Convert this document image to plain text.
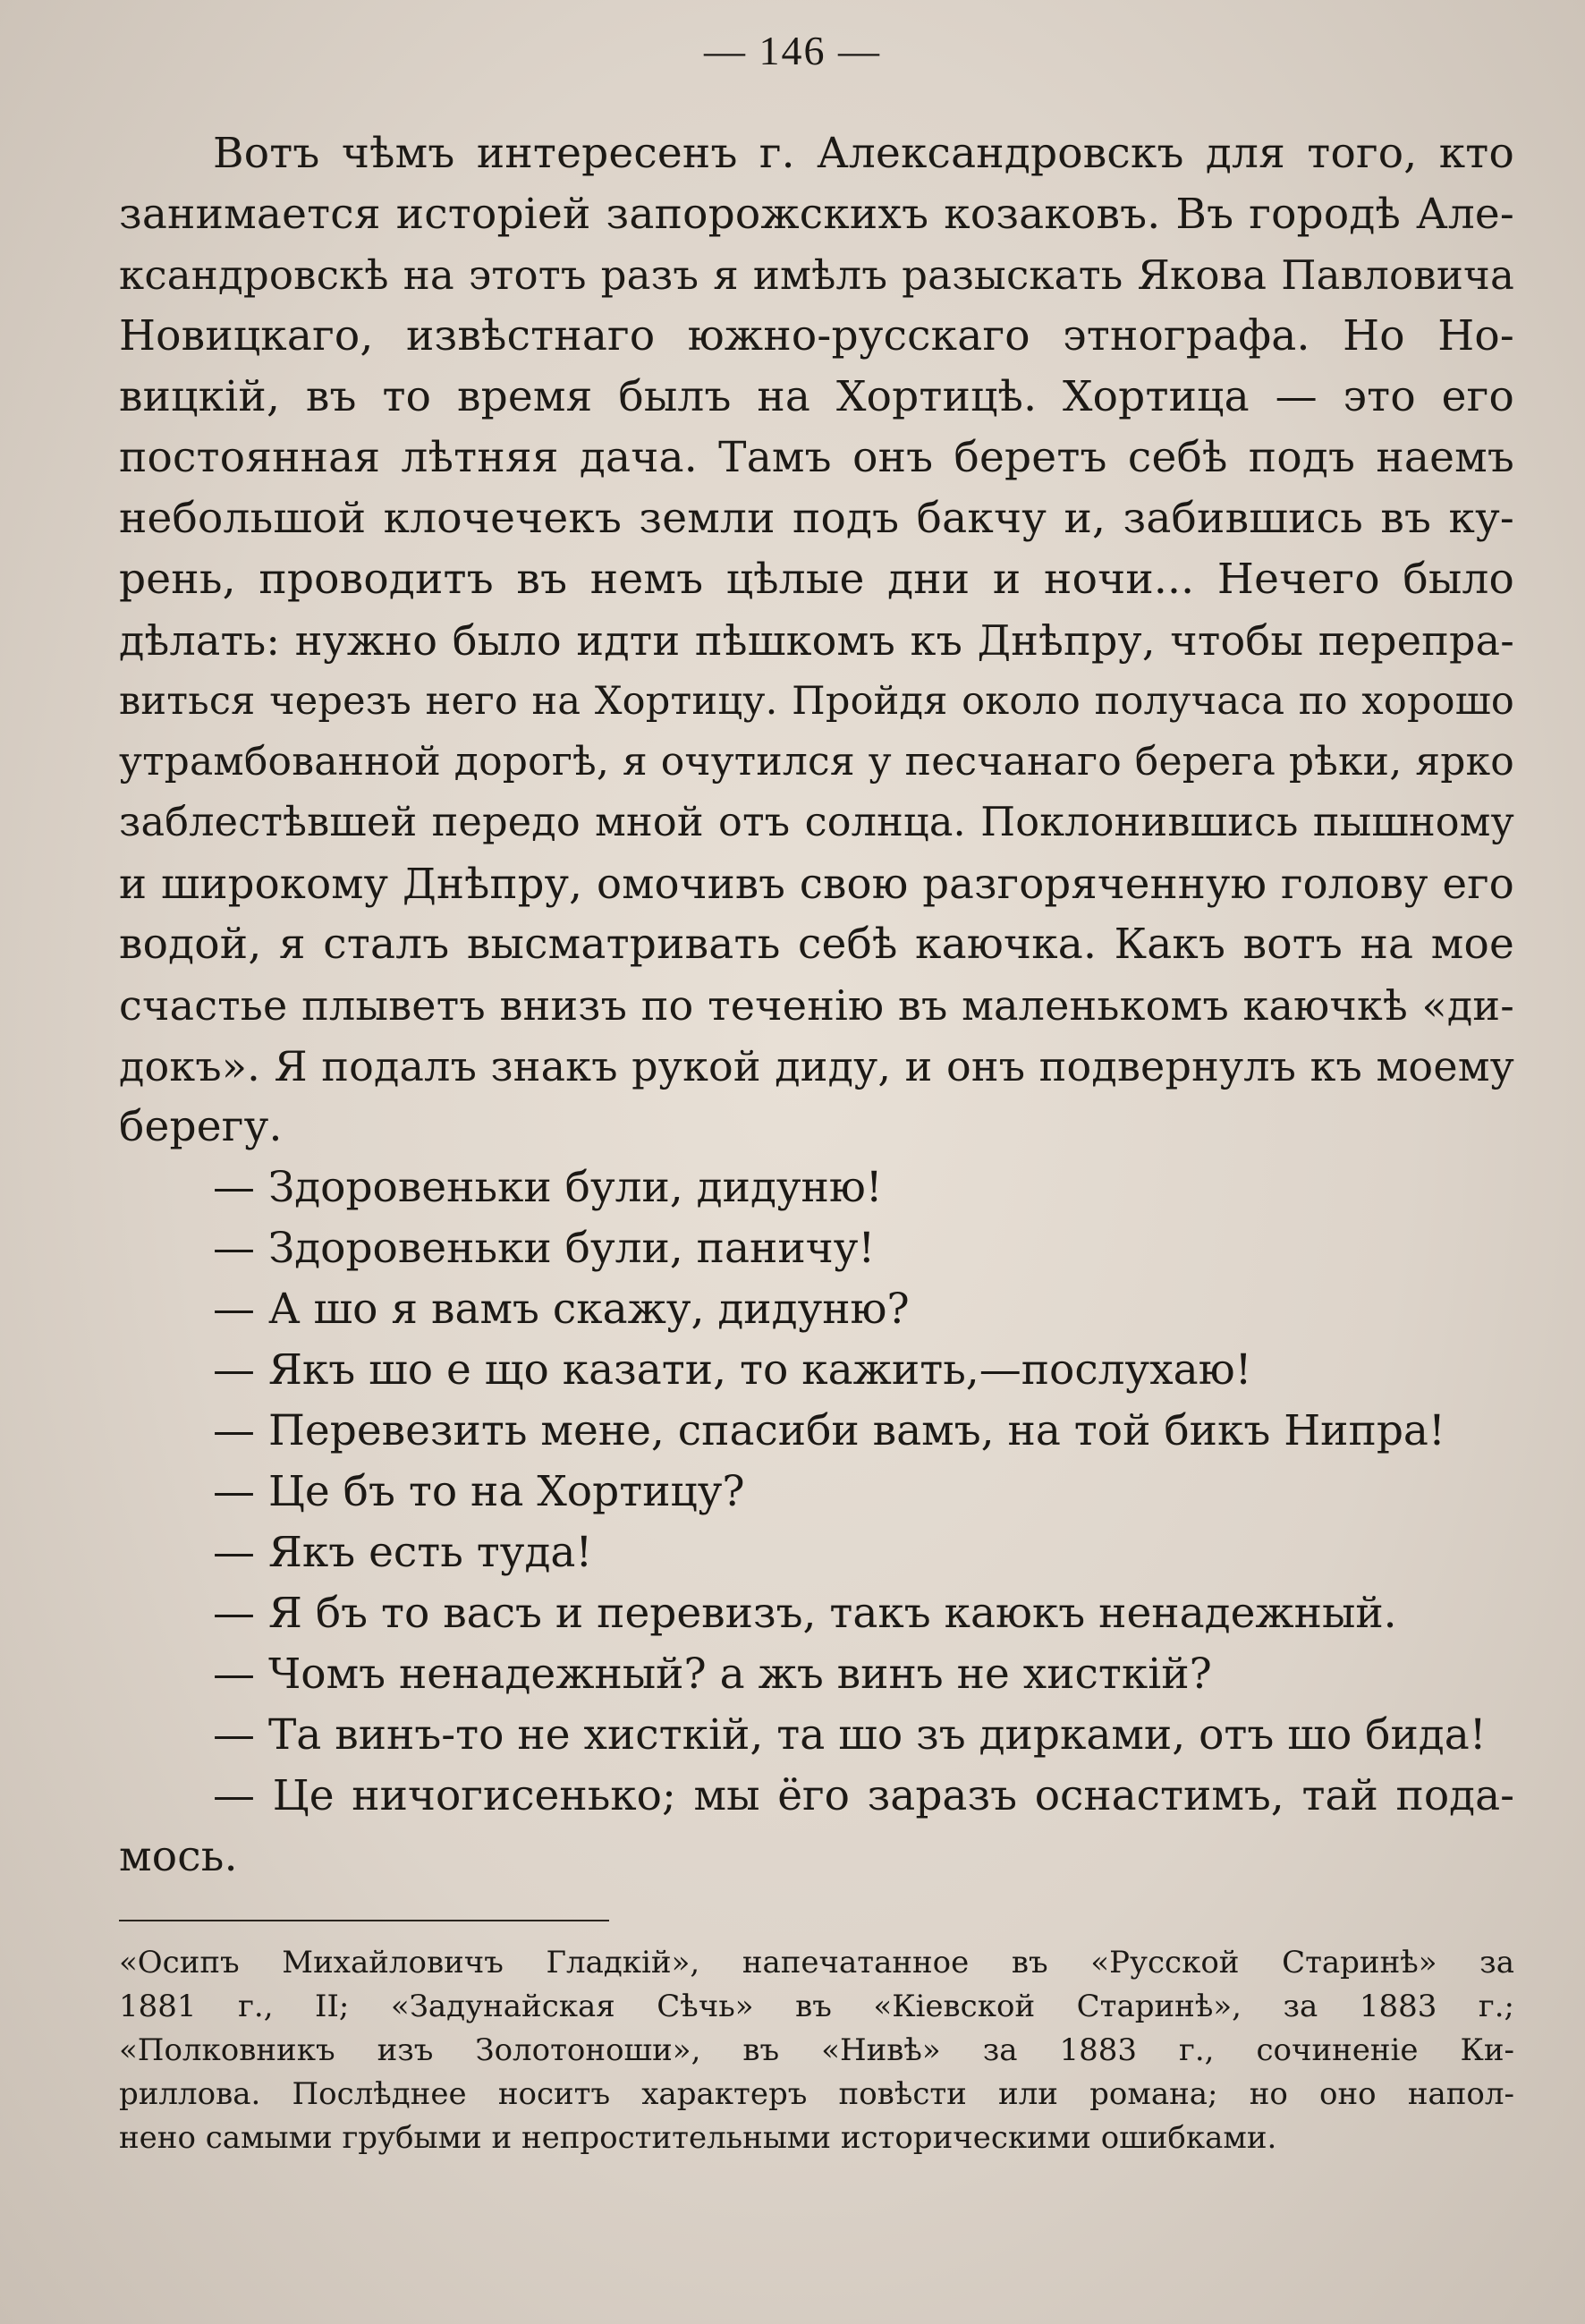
— 146 —
Вотъ чѣмъ интересенъ г. Александровскъ для того, кто
занимается исторіей запорожскихъ козаковъ. Въ городѣ Але-
ксандровскѣ на этотъ разъ я имѣлъ разыскать Якова Павловича
Новицкаго, извѣстнаго южно-русскаго этнографа. Но Но-
вицкій, въ то время былъ на Хортицѣ. Хортица — это его
постоянная лѣтняя дача. Тамъ онъ беретъ себѣ подъ наемъ
небольшой клочечекъ земли подъ бакчу и, забившись въ ку-
рень, проводитъ въ немъ цѣлые дни и ночи... Нечего было
дѣлать: нужно было идти пѣшкомъ къ Днѣпру, чтобы перепра-
виться черезъ него на Хортицу. Пройдя около получаса по хорошо
утрамбованной дорогѣ, я очутился у песчанаго берега рѣки, ярко
заблестѣвшей передо мной отъ солнца. Поклонившись пышному
и широкому Днѣпру, омочивъ свою разгоряченную голову его
водой, я сталъ высматривать себѣ каючка. Какъ вотъ на мое
счастье плыветъ внизъ по теченію въ маленькомъ каючкѣ «ди-
докъ». Я подалъ знакъ рукой диду, и онъ подвернулъ къ моему
берегу.
— Здоровеньки були, дидуню!
— Здоровеньки були, паничу!
— А шо я вамъ скажу, дидуню?
— Якъ шо е що казати, то кажить,—послухаю!
— Перевезить мене, спасиби вамъ, на той бикъ Нипра!
— Це бъ то на Хортицу?
— Якъ есть туда!
— Я бъ то васъ и перевизъ, такъ каюкъ ненадежный.
— Чомъ ненадежный? а жъ винъ не хисткій?
— Та винъ-то не хисткій, та шо зъ дирками, отъ шо бида!
— Це ничогисенько; мы ёго заразъ оснастимъ, тай пода-
мось.
«Осипъ Михайловичъ Гладкій», напечатанное въ «Русской Старинѣ» за
1881 г., II; «Задунайская Сѣчь» въ «Кіевской Старинѣ», за 1883 г.;
«Полковникъ изъ Золотоноши», въ «Нивѣ» за 1883 г., сочиненіе Ки-
риллова. Послѣднее носитъ характеръ повѣсти или романа; но оно напол-
нено самыми грубыми и непростительными историческими ошибками.
